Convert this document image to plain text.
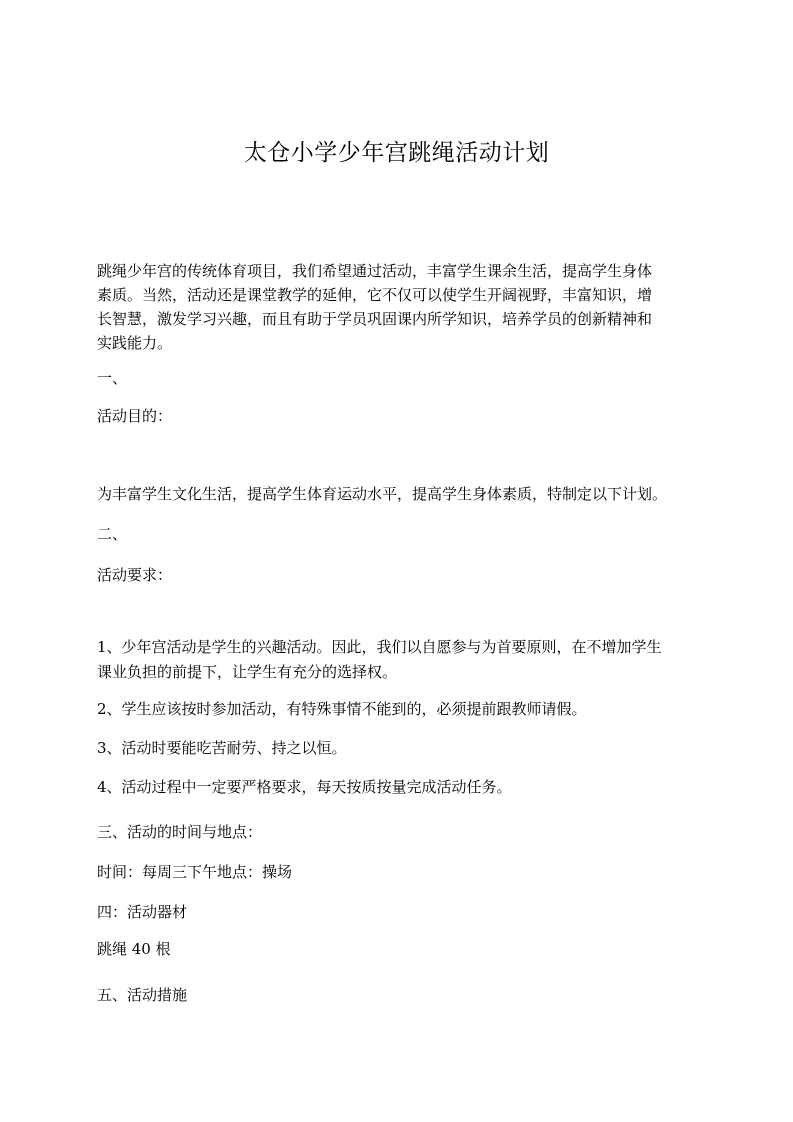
太仓小学少年宫跳绳活动计划
跳绳少年宫的传统体育项目，我们希望通过活动，丰富学生课余生活，提高学生身体
素质。当然，活动还是课堂教学的延伸，它不仅可以使学生开阔视野，丰富知识，增
长智慧，激发学习兴趣，而且有助于学员巩固课内所学知识，培养学员的创新精神和
实践能力。
一、
活动目的：
为丰富学生文化生活，提高学生体育运动水平，提高学生身体素质，特制定以下计划。
二、
活动要求：
1、少年宫活动是学生的兴趣活动。因此，我们以自愿参与为首要原则，在不增加学生
课业负担的前提下，让学生有充分的选择权。
2、学生应该按时参加活动，有特殊事情不能到的，必须提前跟教师请假。
3、活动时要能吃苦耐劳、持之以恒。
4、活动过程中一定要严格要求，每天按质按量完成活动任务。
三、活动的时间与地点：
时间：每周三下午地点：操场
四：活动器材
跳绳 40 根
五、活动措施
